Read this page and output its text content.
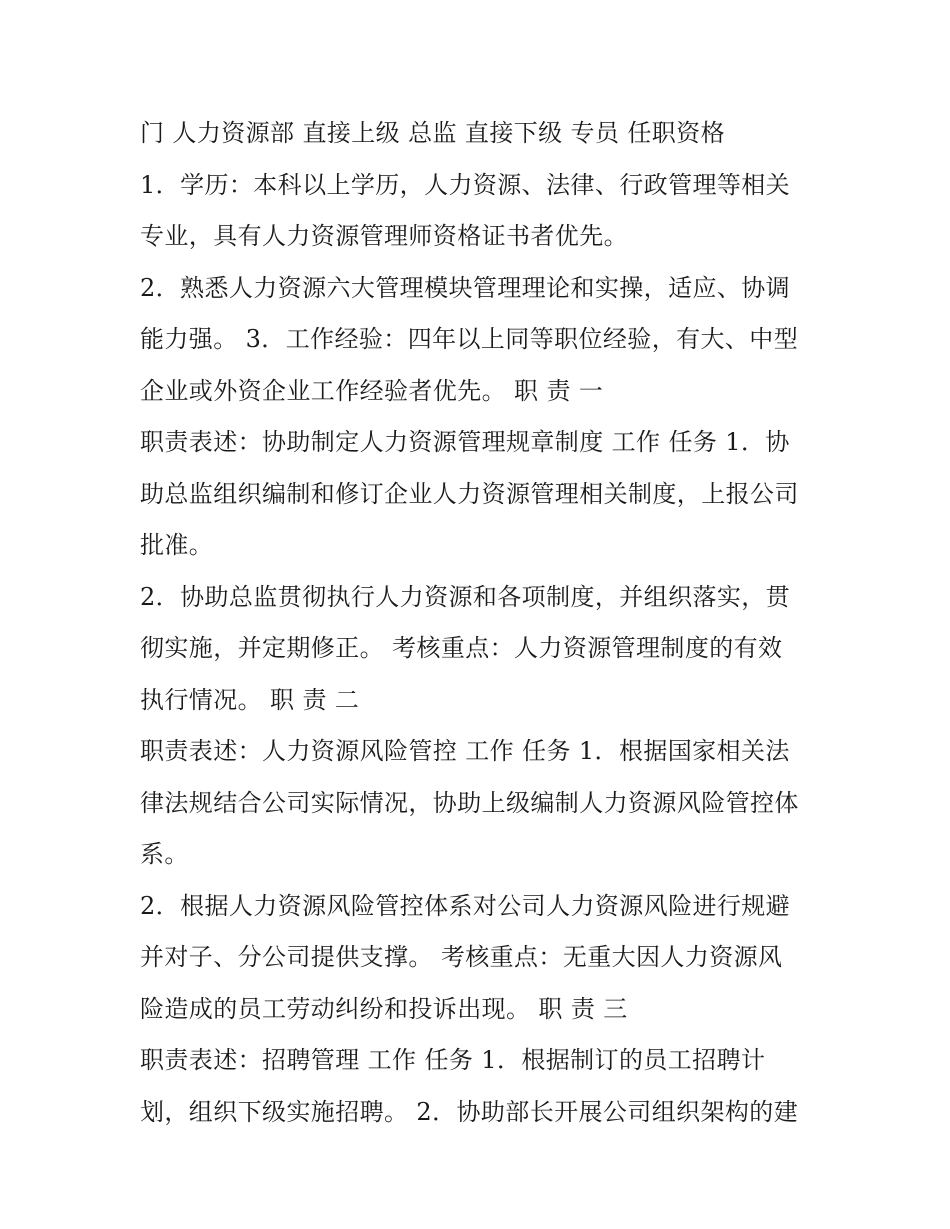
门 人力资源部 直接上级 总监 直接下级 专员 任职资格
1．学历：本科以上学历，人力资源、法律、行政管理等相关
专业，具有人力资源管理师资格证书者优先。
2．熟悉人力资源六大管理模块管理理论和实操，适应、协调
能力强。 3．工作经验：四年以上同等职位经验，有大、中型
企业或外资企业工作经验者优先。 职 责 一
职责表述：协助制定人力资源管理规章制度 工作 任务 1．协
助总监组织编制和修订企业人力资源管理相关制度，上报公司
批准。
2．协助总监贯彻执行人力资源和各项制度，并组织落实，贯
彻实施，并定期修正。 考核重点：人力资源管理制度的有效
执行情况。 职 责 二
职责表述：人力资源风险管控 工作 任务 1．根据国家相关法
律法规结合公司实际情况，协助上级编制人力资源风险管控体
系。
2．根据人力资源风险管控体系对公司人力资源风险进行规避
并对子、分公司提供支撑。 考核重点：无重大因人力资源风
险造成的员工劳动纠纷和投诉出现。 职 责 三
职责表述：招聘管理 工作 任务 1．根据制订的员工招聘计
划，组织下级实施招聘。 2．协助部长开展公司组织架构的建
